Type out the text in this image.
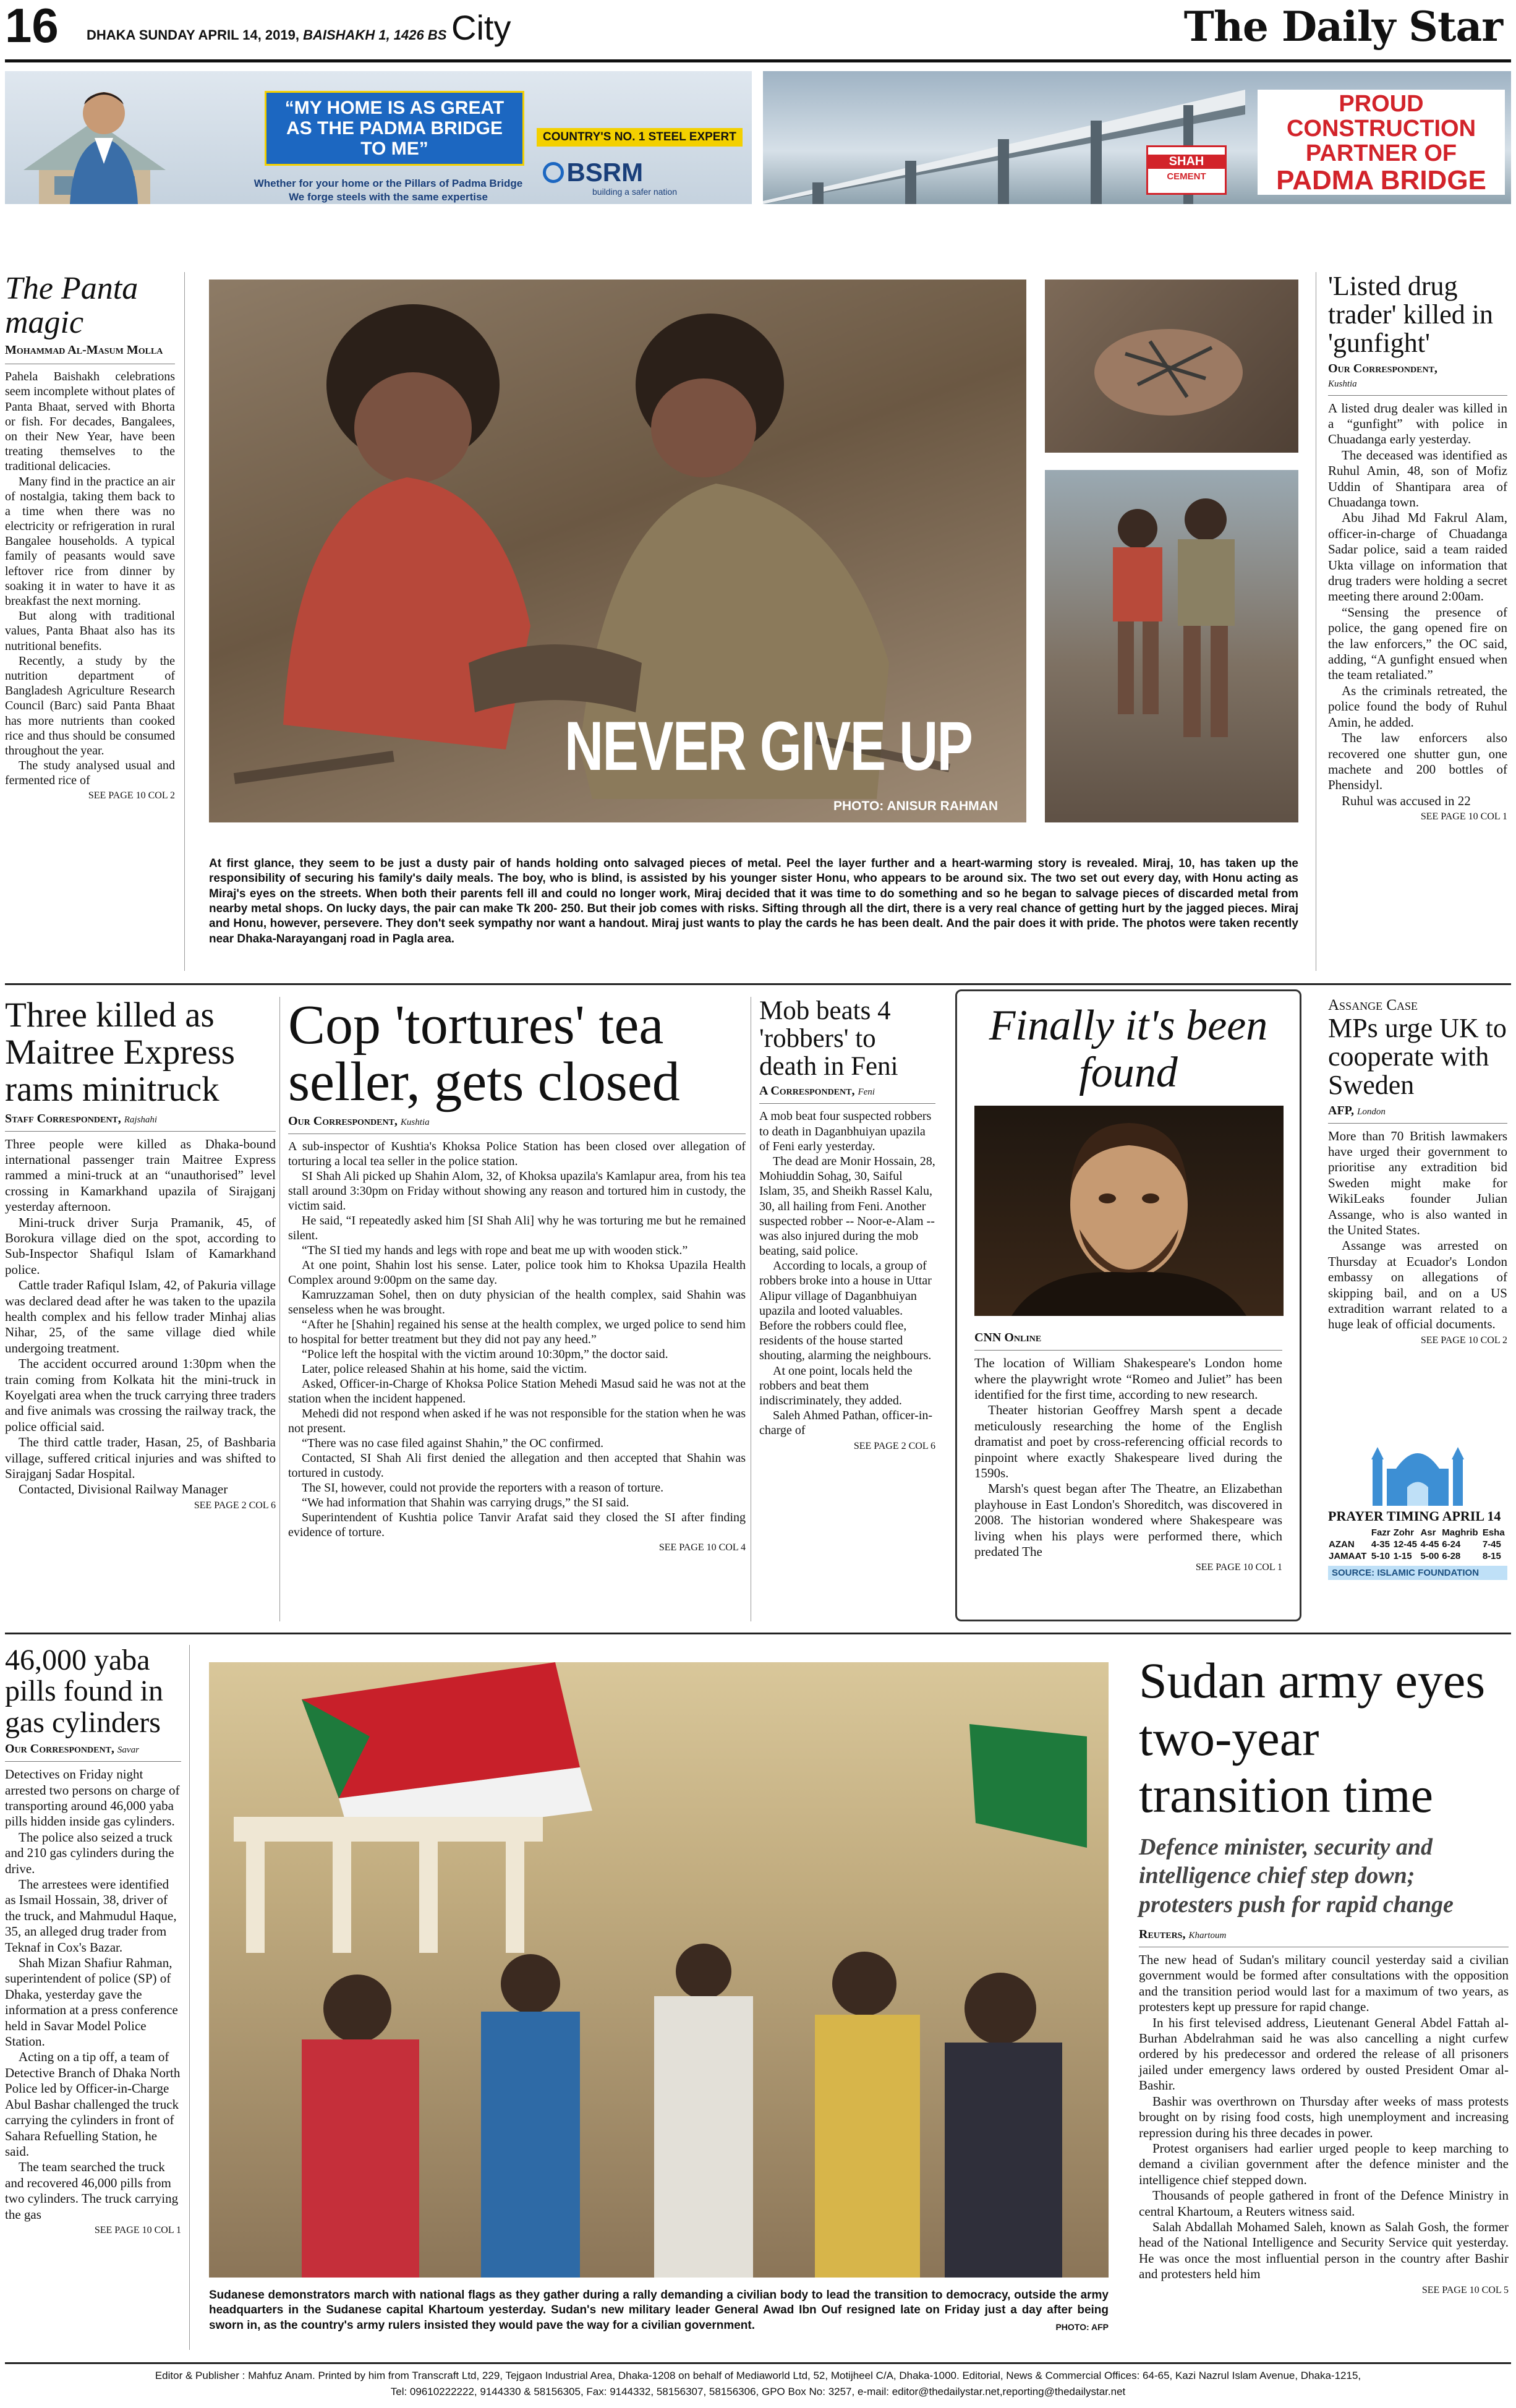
16 DHAKA SUNDAY APRIL 14, 2019, BAISHAKH 1, 1426 BS City	The Daily Star
“MY HOME IS AS GREAT AS THE PADMA BRIDGE TO ME”
COUNTRY'S NO. 1 STEEL EXPERT
BSRM
building a safer nation
Whether for your home or the Pillars of Padma Bridge
We forge steels with the same expertise
SHAH
CEMENT
PROUD
CONSTRUCTION
PARTNER OF
PADMA BRIDGE
The Panta magic
Mohammad Al-Masum Molla

Pahela Baishakh celebrations seem incomplete without plates of Panta Bhaat, served with Bhorta or fish. For decades, Bangalees, on their New Year, have been treating themselves to the traditional delicacies.

Many find in the practice an air of nostalgia, taking them back to a time when there was no electricity or refrigeration in rural Bangalee households. A typical family of peasants would save leftover rice from dinner by soaking it in water to have it as breakfast the next morning.

But along with traditional values, Panta Bhaat also has its nutritional benefits.

Recently, a study by the nutrition department of Bangladesh Agriculture Research Council (Barc) said Panta Bhaat has more nutrients than cooked rice and thus should be consumed throughout the year.

The study analysed usual and fermented rice of

SEE PAGE 10 COL 2
NEVER GIVE UP
PHOTO: ANISUR RAHMAN
At first glance, they seem to be just a dusty pair of hands holding onto salvaged pieces of metal. Peel the layer further and a heart-warming story is revealed. Miraj, 10, has taken up the responsibility of securing his family's daily meals. The boy, who is blind, is assisted by his younger sister Honu, who appears to be around six. The two set out every day, with Honu acting as Miraj's eyes on the streets. When both their parents fell ill and could no longer work, Miraj decided that it was time to do something and so he began to salvage pieces of discarded metal from nearby metal shops. On lucky days, the pair can make Tk 200- 250. But their job comes with risks. Sifting through all the dirt, there is a very real chance of getting hurt by the jagged pieces. Miraj and Honu, however, persevere. They don't seek sympathy nor want a handout. Miraj just wants to play the cards he has been dealt. And the pair does it with pride. The photos were taken recently near Dhaka-Narayanganj road in Pagla area.
'Listed drug trader' killed in 'gunfight'
Our Correspondent,
Kushtia

A listed drug dealer was killed in a “gunfight” with police in Chuadanga early yesterday.

The deceased was identified as Ruhul Amin, 48, son of Mofiz Uddin of Shantipara area of Chuadanga town.

Abu Jihad Md Fakrul Alam, officer-in-charge of Chuadanga Sadar police, said a team raided Ukta village on information that drug traders were holding a secret meeting there around 2:00am.

“Sensing the presence of police, the gang opened fire on the law enforcers,” the OC said, adding, “A gunfight ensued when the team retaliated.”

As the criminals retreated, the police found the body of Ruhul Amin, he added.

The law enforcers also recovered one shutter gun, one machete and 200 bottles of Phensidyl.

Ruhul was accused in 22

SEE PAGE 10 COL 1
Three killed as Maitree Express rams minitruck
Staff Correspondent, Rajshahi

Three people were killed as Dhaka-bound international passenger train Maitree Express rammed a mini-truck at an “unauthorised” level crossing in Kamarkhand upazila of Sirajganj yesterday afternoon.

Mini-truck driver Surja Pramanik, 45, of Borokura village died on the spot, according to Sub-Inspector Shafiqul Islam of Kamarkhand police.

Cattle trader Rafiqul Islam, 42, of Pakuria village was declared dead after he was taken to the upazila health complex and his fellow trader Minhaj alias Nihar, 25, of the same village died while undergoing treatment.

The accident occurred around 1:30pm when the train coming from Kolkata hit the mini-truck in Koyelgati area when the truck carrying three traders and five animals was crossing the railway track, the police official said.

The third cattle trader, Hasan, 25, of Bashbaria village, suffered critical injuries and was shifted to Sirajganj Sadar Hospital.

Contacted, Divisional Railway Manager

SEE PAGE 2 COL 6
Cop 'tortures' tea seller, gets closed
Our Correspondent, Kushtia

A sub-inspector of Kushtia's Khoksa Police Station has been closed over allegation of torturing a local tea seller in the police station.

SI Shah Ali picked up Shahin Alom, 32, of Khoksa upazila's Kamlapur area, from his tea stall around 3:30pm on Friday without showing any reason and tortured him in custody, the victim said.

He said, “I repeatedly asked him [SI Shah Ali] why he was torturing me but he remained silent.

“The SI tied my hands and legs with rope and beat me up with wooden stick.”

At one point, Shahin lost his sense. Later, police took him to Khoksa Upazila Health Complex around 9:00pm on the same day.

Kamruzzaman Sohel, then on duty physician of the health complex, said Shahin was senseless when he was brought.

“After he [Shahin] regained his sense at the health complex, we urged police to send him to hospital for better treatment but they did not pay any heed.”

“Police left the hospital with the victim around 10:30pm,” the doctor said.

Later, police released Shahin at his home, said the victim.

Asked, Officer-in-Charge of Khoksa Police Station Mehedi Masud said he was not at the station when the incident happened.

Mehedi did not respond when asked if he was not responsible for the station when he was not present.

“There was no case filed against Shahin,” the OC confirmed.

Contacted, SI Shah Ali first denied the allegation and then accepted that Shahin was tortured in custody.

The SI, however, could not provide the reporters with a reason of torture.

“We had information that Shahin was carrying drugs,” the SI said.

Superintendent of Kushtia police Tanvir Arafat said they closed the SI after finding evidence of torture.

SEE PAGE 10 COL 4
Mob beats 4 'robbers' to death in Feni
A Correspondent, Feni

A mob beat four suspected robbers to death in Daganbhuiyan upazila of Feni early yesterday.

The dead are Monir Hossain, 28, Mohiuddin Sohag, 30, Saiful Islam, 35, and Sheikh Rassel Kalu, 30, all hailing from Feni. Another suspected robber -- Noor-e-Alam -- was also injured during the mob beating, said police.

According to locals, a group of robbers broke into a house in Uttar Alipur village of Daganbhuiyan upazila and looted valuables. Before the robbers could flee, residents of the house started shouting, alarming the neighbours.

At one point, locals held the robbers and beat them indiscriminately, they added.

Saleh Ahmed Pathan, officer-in-charge of

SEE PAGE 2 COL 6
Finally it's been found
CNN Online

The location of William Shakespeare's London home where the playwright wrote “Romeo and Juliet” has been identified for the first time, according to new research.

Theater historian Geoffrey Marsh spent a decade meticulously researching the home of the English dramatist and poet by cross-referencing official records to pinpoint where exactly Shakespeare lived during the 1590s.

Marsh's quest began after The Theatre, an Elizabethan playhouse in East London's Shoreditch, was discovered in 2008. The historian wondered where Shakespeare was living when his plays were performed there, which predated The

SEE PAGE 10 COL 1
Assange Case
MPs urge UK to cooperate with Sweden
AFP, London

More than 70 British lawmakers have urged their government to prioritise any extradition bid Sweden might make for WikiLeaks founder Julian Assange, who is also wanted in the United States.

Assange was arrested on Thursday at Ecuador's London embassy on allegations of skipping bail, and on a US extradition warrant related to a huge leak of official documents.

SEE PAGE 10 COL 2
PRAYER TIMING APRIL 14
	Fazr	Zohr	Asr	Maghrib	Esha
AZAN	4-35	12-45	4-45	6-24	7-45
JAMAAT	5-10	1-15	5-00	6-28	8-15
SOURCE: ISLAMIC FOUNDATION
46,000 yaba pills found in gas cylinders
Our Correspondent, Savar

Detectives on Friday night arrested two persons on charge of transporting around 46,000 yaba pills hidden inside gas cylinders.

The police also seized a truck and 210 gas cylinders during the drive.

The arrestees were identified as Ismail Hossain, 38, driver of the truck, and Mahmudul Haque, 35, an alleged drug trader from Teknaf in Cox's Bazar.

Shah Mizan Shafiur Rahman, superintendent of police (SP) of Dhaka, yesterday gave the information at a press conference held in Savar Model Police Station.

Acting on a tip off, a team of Detective Branch of Dhaka North Police led by Officer-in-Charge Abul Bashar challenged the truck carrying the cylinders in front of Sahara Refuelling Station, he said.

The team searched the truck and recovered 46,000 pills from two cylinders. The truck carrying the gas

SEE PAGE 10 COL 1
Sudanese demonstrators march with national flags as they gather during a rally demanding a civilian body to lead the transition to democracy, outside the army headquarters in the Sudanese capital Khartoum yesterday. Sudan's new military leader General Awad Ibn Ouf resigned late on Friday just a day after being sworn in, as the country's army rulers insisted they would pave the way for a civilian government.	PHOTO: AFP
Sudan army eyes two-year transition time
Defence minister, security and intelligence chief step down; protesters push for rapid change
Reuters, Khartoum

The new head of Sudan's military council yesterday said a civilian government would be formed after consultations with the opposition and the transition period would last for a maximum of two years, as protesters kept up pressure for rapid change.

In his first televised address, Lieutenant General Abdel Fattah al-Burhan Abdelrahman said he was also cancelling a night curfew ordered by his predecessor and ordered the release of all prisoners jailed under emergency laws ordered by ousted President Omar al-Bashir.

Bashir was overthrown on Thursday after weeks of mass protests brought on by rising food costs, high unemployment and increasing repression during his three decades in power.

Protest organisers had earlier urged people to keep marching to demand a civilian government after the defence minister and the intelligence chief stepped down.

Thousands of people gathered in front of the Defence Ministry in central Khartoum, a Reuters witness said.

Salah Abdallah Mohamed Saleh, known as Salah Gosh, the former head of the National Intelligence and Security Service quit yesterday. He was once the most influential person in the country after Bashir and protesters held him

SEE PAGE 10 COL 5
Editor & Publisher : Mahfuz Anam. Printed by him from Transcraft Ltd, 229, Tejgaon Industrial Area, Dhaka-1208 on behalf of Mediaworld Ltd, 52, Motijheel C/A, Dhaka-1000. Editorial, News & Commercial Offices: 64-65, Kazi Nazrul Islam Avenue, Dhaka-1215,
Tel: 09610222222, 9144330 & 58156305, Fax: 9144332, 58156307, 58156306, GPO Box No: 3257, e-mail: editor@thedailystar.net,reporting@thedailystar.net
